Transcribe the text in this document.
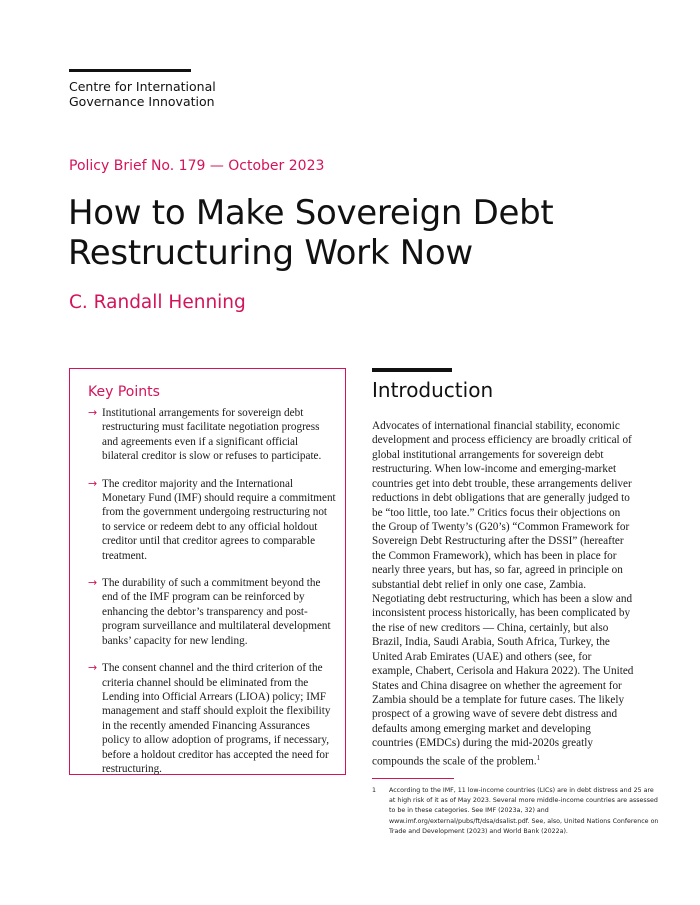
Centre for International
Governance Innovation
Policy Brief No. 179 — October 2023
How to Make Sovereign Debt
Restructuring Work Now
C. Randall Henning
Key Points
→ Institutional arrangements for sovereign debt restructuring must facilitate negotiation progress and agreements even if a significant official bilateral creditor is slow or refuses to participate.
→ The creditor majority and the International Monetary Fund (IMF) should require a commitment from the government undergoing restructuring not to service or redeem debt to any official holdout creditor until that creditor agrees to comparable treatment.
→ The durability of such a commitment beyond the end of the IMF program can be reinforced by enhancing the debtor’s transparency and post-program surveillance and multilateral development banks’ capacity for new lending.
→ The consent channel and the third criterion of the criteria channel should be eliminated from the Lending into Official Arrears (LIOA) policy; IMF management and staff should exploit the flexibility in the recently amended Financing Assurances policy to allow adoption of programs, if necessary, before a holdout creditor has accepted the need for restructuring.
Introduction
Advocates of international financial stability, economic development and process efficiency are broadly critical of global institutional arrangements for sovereign debt restructuring. When low-income and emerging-market countries get into debt trouble, these arrangements deliver reductions in debt obligations that are generally judged to be “too little, too late.” Critics focus their objections on the Group of Twenty’s (G20’s) “Common Framework for Sovereign Debt Restructuring after the DSSI” (hereafter the Common Framework), which has been in place for nearly three years, but has, so far, agreed in principle on substantial debt relief in only one case, Zambia. Negotiating debt restructuring, which has been a slow and inconsistent process historically, has been complicated by the rise of new creditors — China, certainly, but also Brazil, India, Saudi Arabia, South Africa, Turkey, the United Arab Emirates (UAE) and others (see, for example, Chabert, Cerisola and Hakura 2022). The United States and China disagree on whether the agreement for Zambia should be a template for future cases. The likely prospect of a growing wave of severe debt distress and defaults among emerging market and developing countries (EMDCs) during the mid-2020s greatly compounds the scale of the problem.$^1$
1 According to the IMF, 11 low-income countries (LICs) are in debt distress and 25 are at high risk of it as of May 2023. Several more middle-income countries are assessed to be in these categories. See IMF (2023a, 32) and www.imf.org/external/pubs/ft/dsa/dsalist.pdf. See, also, United Nations Conference on Trade and Development (2023) and World Bank (2022a).
